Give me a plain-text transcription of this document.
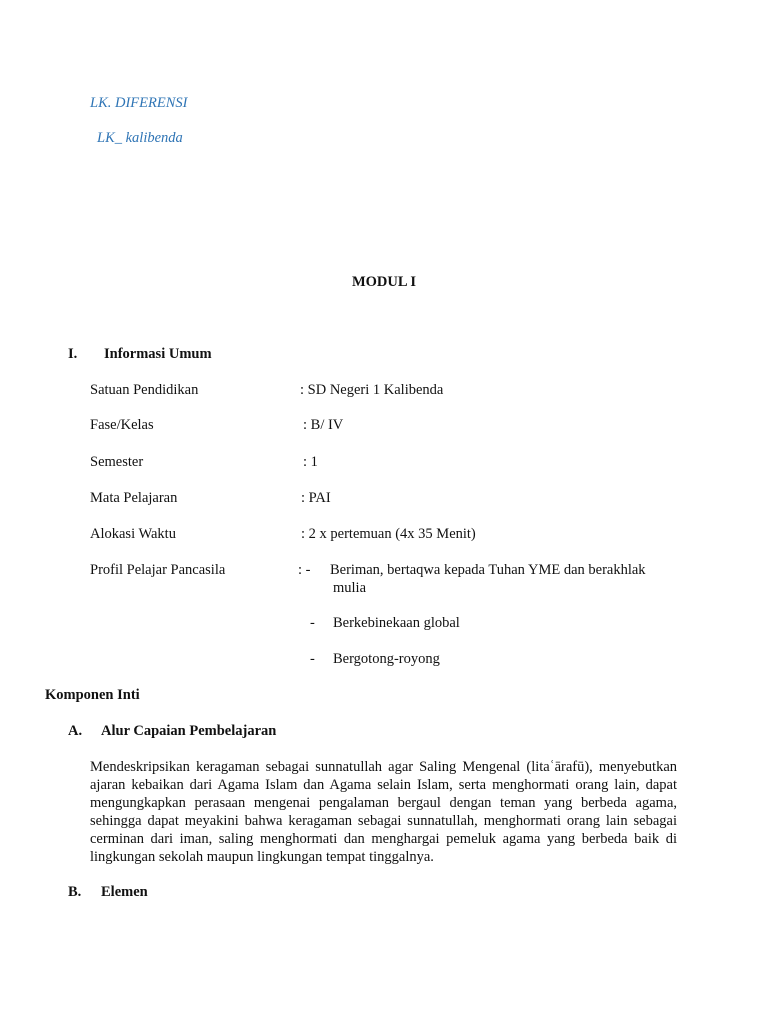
LK. DIFERENSI
LK_ kalibenda
MODUL I
I. Informasi Umum
Satuan Pendidikan	: SD Negeri 1 Kalibenda
Fase/Kelas	: B/ IV
Semester	: 1
Mata Pelajaran	: PAI
Alokasi Waktu	: 2 x pertemuan (4x 35 Menit)
Profil Pelajar Pancasila	: - Beriman, bertaqwa kepada Tuhan YME dan berakhlak
mulia
- Berkebinekaan global
- Bergotong-royong
Komponen Inti
A. Alur Capaian Pembelajaran
Mendeskripsikan keragaman sebagai sunnatullah agar Saling Mengenal (litaʿārafū), menyebutkan ajaran kebaikan dari Agama Islam dan Agama selain Islam, serta menghormati orang lain, dapat mengungkapkan perasaan mengenai pengalaman bergaul dengan teman yang berbeda agama, sehingga dapat meyakini bahwa keragaman sebagai sunnatullah, menghormati orang lain sebagai cerminan dari iman, saling menghormati dan menghargai pemeluk agama yang berbeda baik di lingkungan sekolah maupun lingkungan tempat tinggalnya.
B. Elemen
